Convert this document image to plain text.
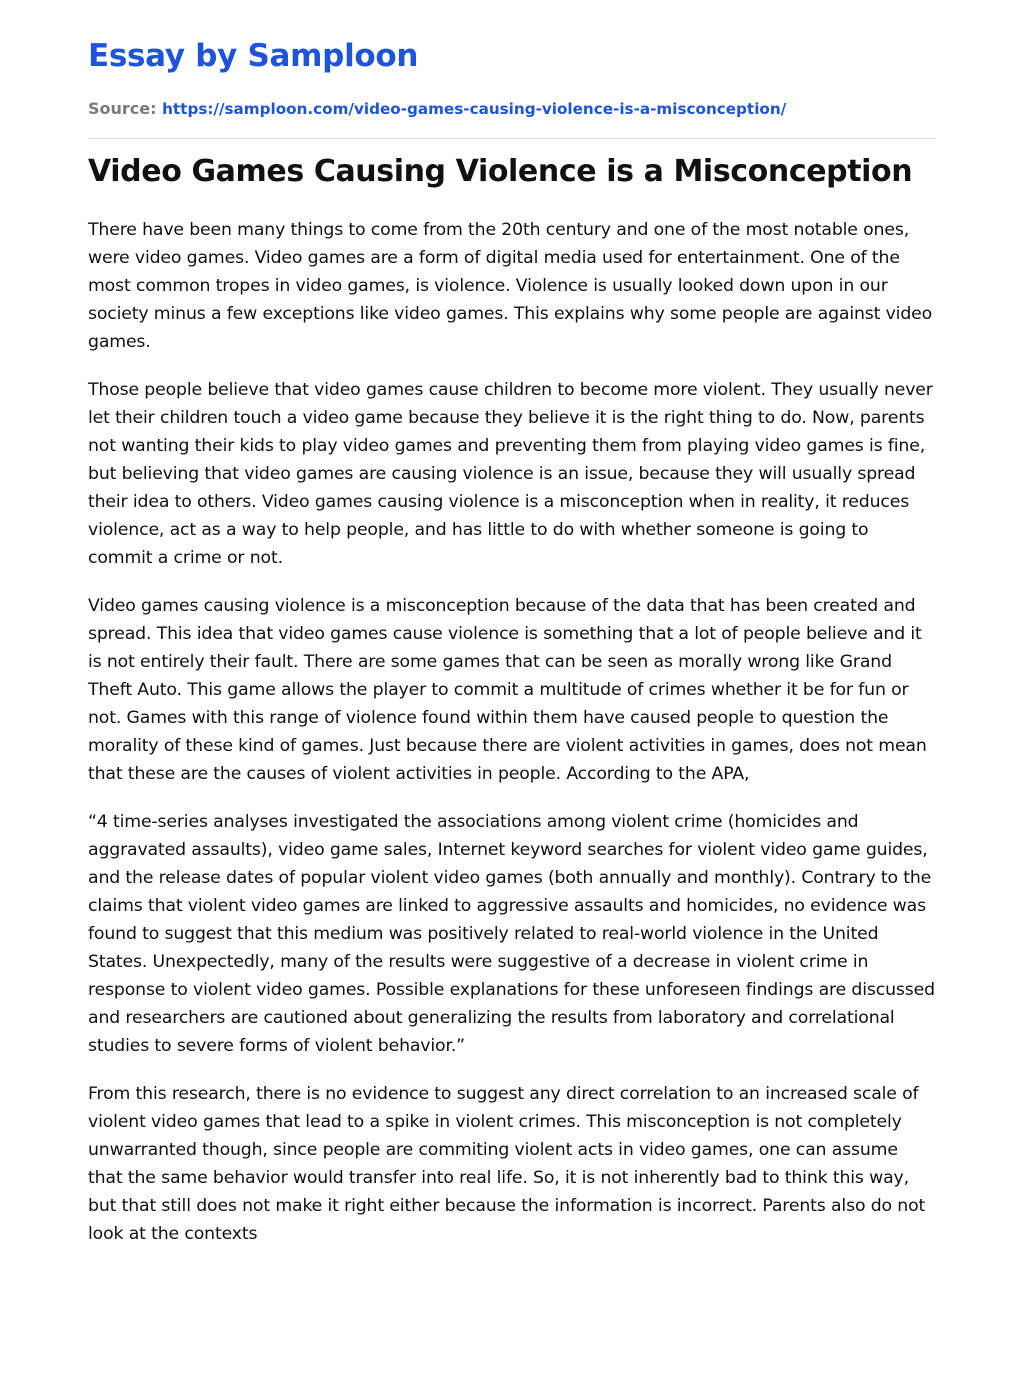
Essay by Samploon
Source: https://samploon.com/video-games-causing-violence-is-a-misconception/
Video Games Causing Violence is a Misconception

There have been many things to come from the 20th century and one of the most notable ones, were video games. Video games are a form of digital media used for entertainment. One of the most common tropes in video games, is violence. Violence is usually looked down upon in our society minus a few exceptions like video games. This explains why some people are against video games.

Those people believe that video games cause children to become more violent. They usually never let their children touch a video game because they believe it is the right thing to do. Now, parents not wanting their kids to play video games and preventing them from playing video games is fine, but believing that video games are causing violence is an issue, because they will usually spread their idea to others. Video games causing violence is a misconception when in reality, it reduces violence, act as a way to help people, and has little to do with whether someone is going to commit a crime or not.

Video games causing violence is a misconception because of the data that has been created and spread. This idea that video games cause violence is something that a lot of people believe and it is not entirely their fault. There are some games that can be seen as morally wrong like Grand Theft Auto. This game allows the player to commit a multitude of crimes whether it be for fun or not. Games with this range of violence found within them have caused people to question the morality of these kind of games. Just because there are violent activities in games, does not mean that these are the causes of violent activities in people. According to the APA,

“4 time-series analyses investigated the associations among violent crime (homicides and aggravated assaults), video game sales, Internet keyword searches for violent video game guides, and the release dates of popular violent video games (both annually and monthly). Contrary to the claims that violent video games are linked to aggressive assaults and homicides, no evidence was found to suggest that this medium was positively related to real-world violence in the United States. Unexpectedly, many of the results were suggestive of a decrease in violent crime in response to violent video games. Possible explanations for these unforeseen findings are discussed and researchers are cautioned about generalizing the results from laboratory and correlational studies to severe forms of violent behavior.”

From this research, there is no evidence to suggest any direct correlation to an increased scale of violent video games that lead to a spike in violent crimes. This misconception is not completely unwarranted though, since people are commiting violent acts in video games, one can assume that the same behavior would transfer into real life. So, it is not inherently bad to think this way, but that still does not make it right either because the information is incorrect. Parents also do not look at the contexts
